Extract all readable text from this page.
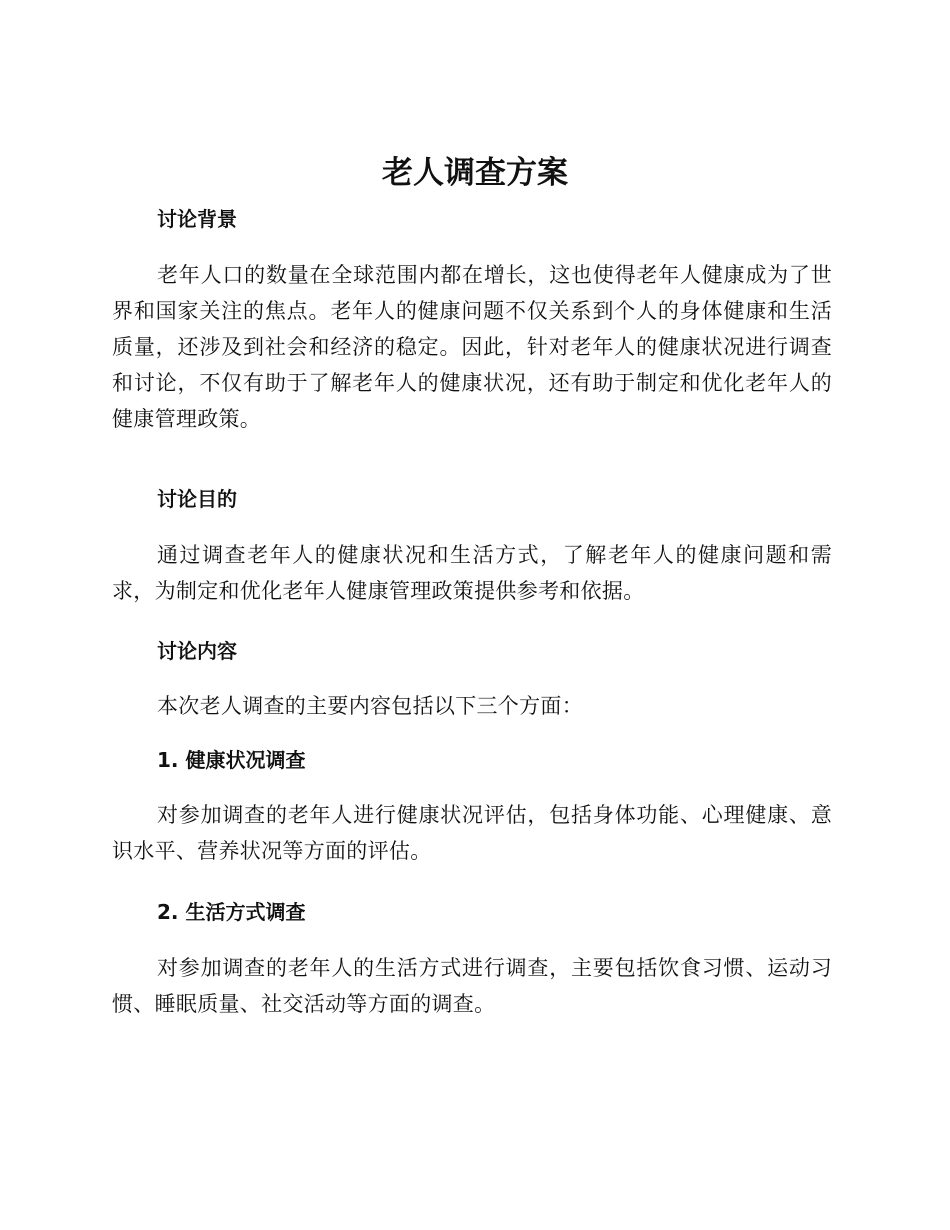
老人调查方案
讨论背景

老年人口的数量在全球范围内都在增长，这也使得老年人健康成为了世界和国家关注的焦点。老年人的健康问题不仅关系到个人的身体健康和生活质量，还涉及到社会和经济的稳定。因此，针对老年人的健康状况进行调查和讨论，不仅有助于了解老年人的健康状况，还有助于制定和优化老年人的健康管理政策。

讨论目的

通过调查老年人的健康状况和生活方式，了解老年人的健康问题和需求，为制定和优化老年人健康管理政策提供参考和依据。

讨论内容

本次老人调查的主要内容包括以下三个方面：

1. 健康状况调查

对参加调查的老年人进行健康状况评估，包括身体功能、心理健康、意识水平、营养状况等方面的评估。

2. 生活方式调查

对参加调查的老年人的生活方式进行调查，主要包括饮食习惯、运动习惯、睡眠质量、社交活动等方面的调查。
